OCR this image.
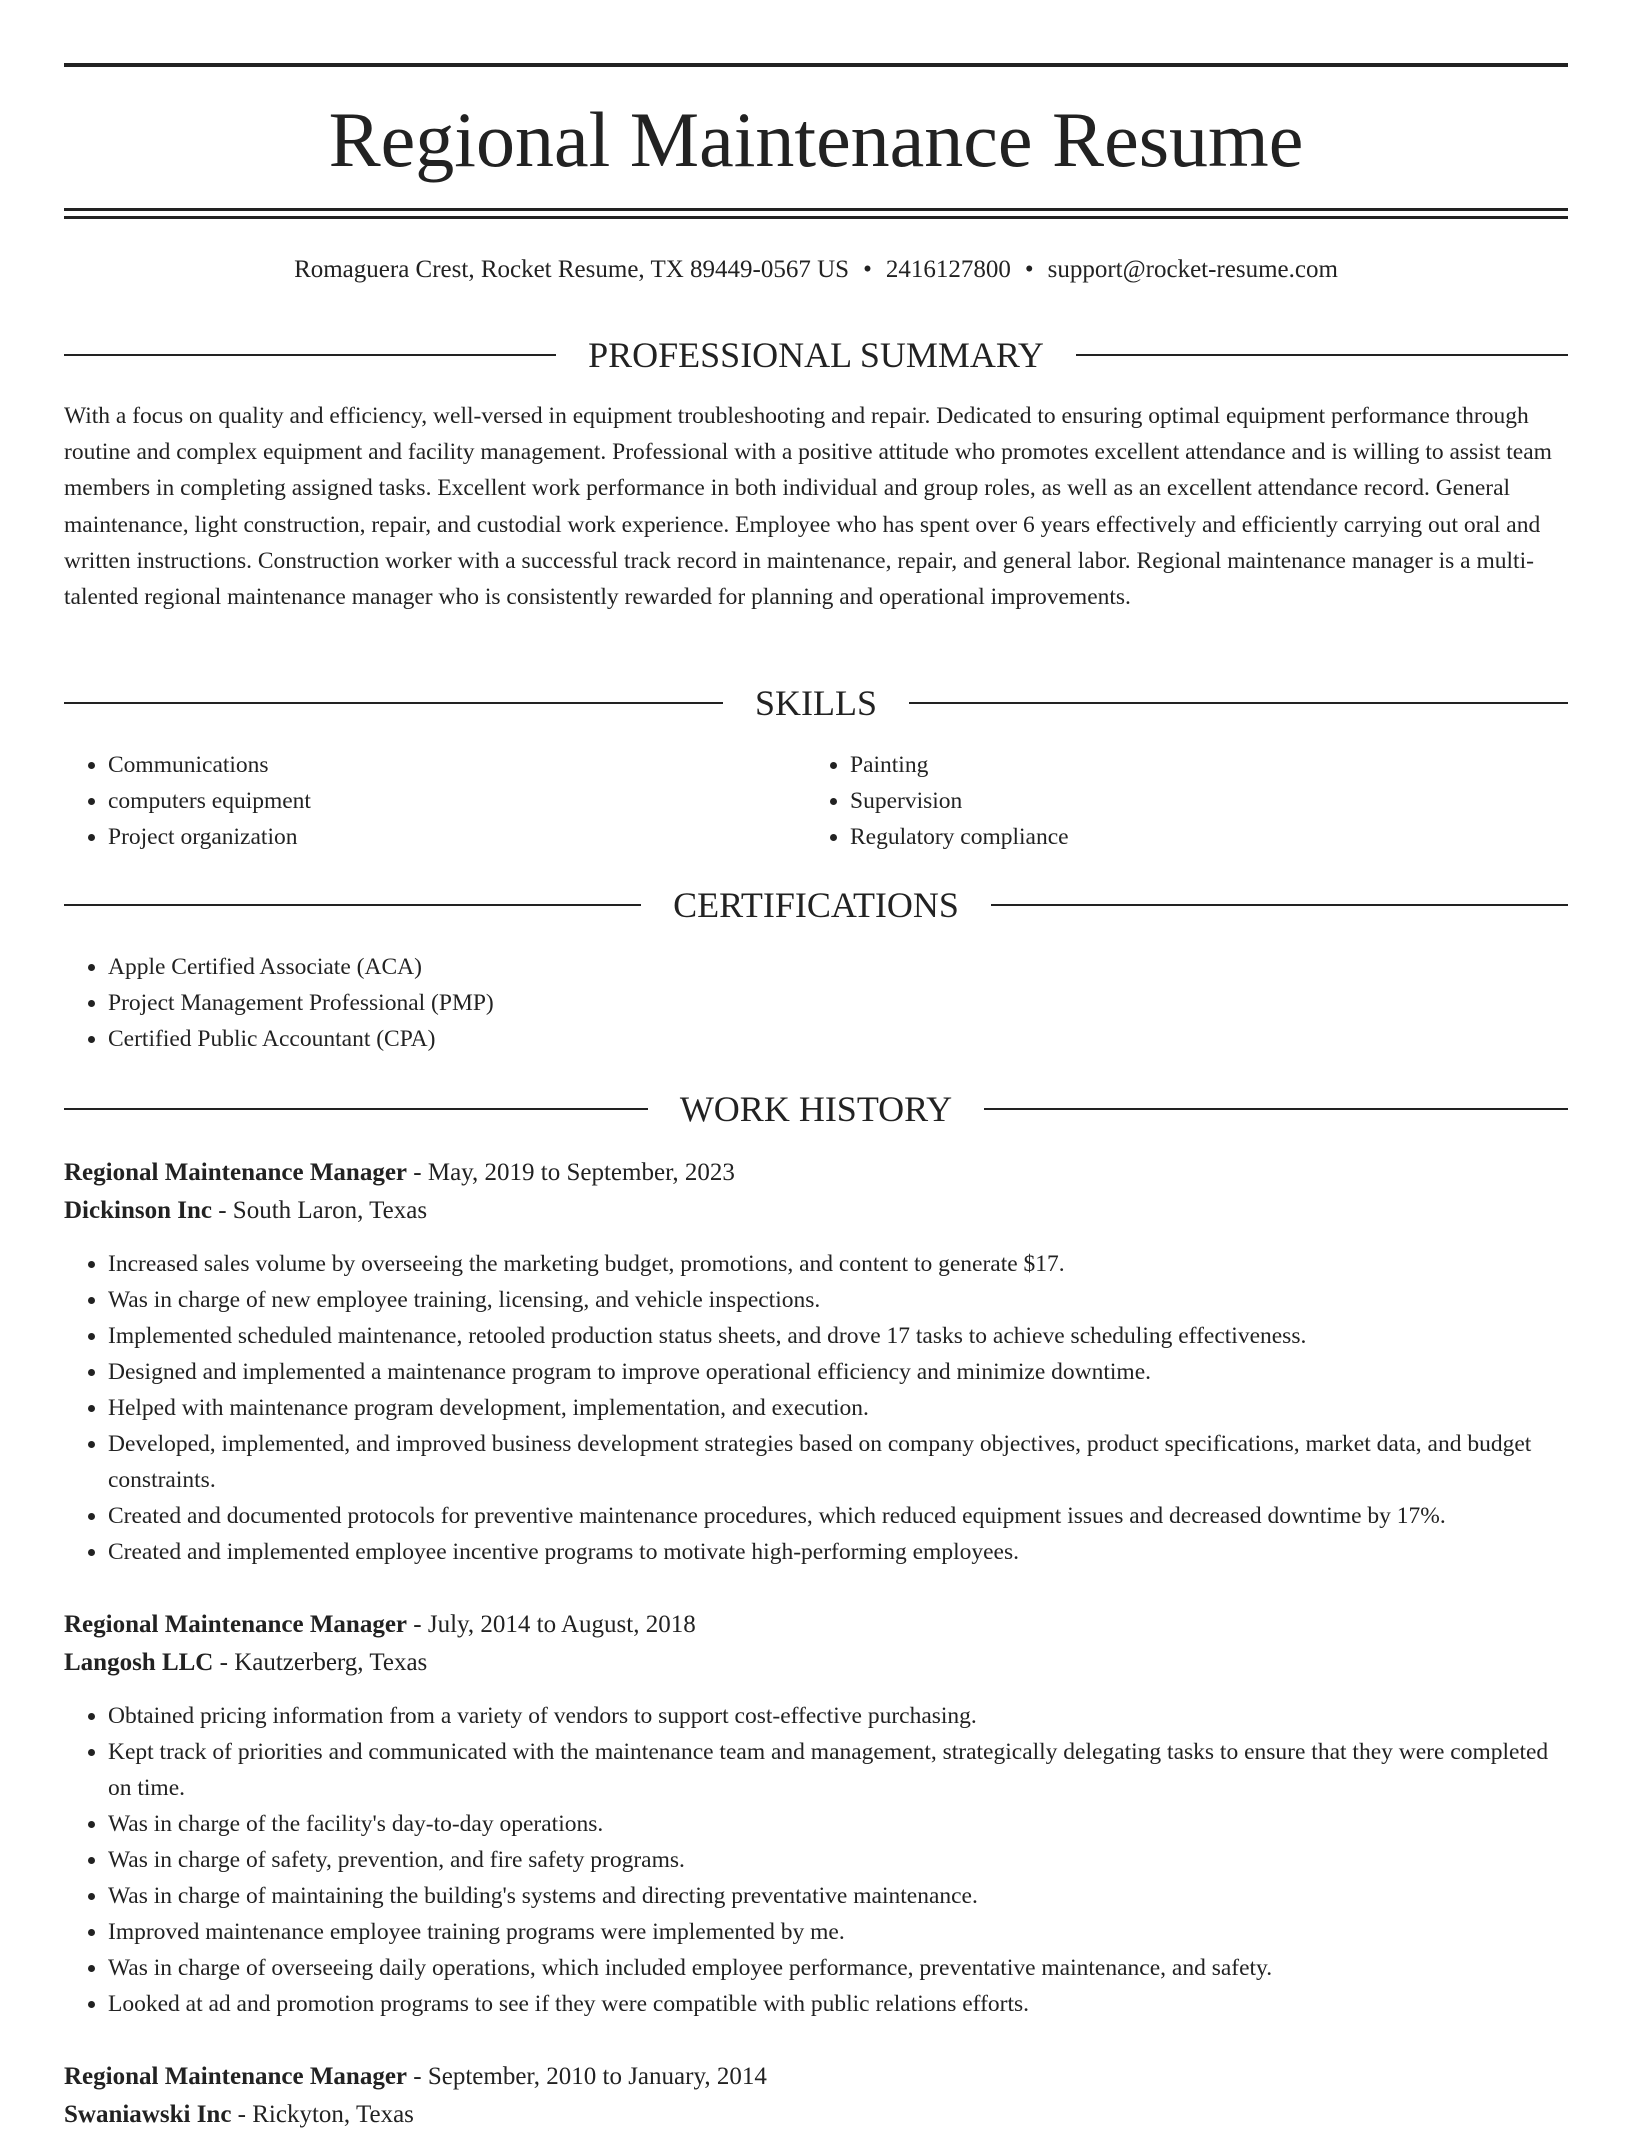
Regional Maintenance Resume
Romaguera Crest, Rocket Resume, TX 89449-0567 US • 2416127800 • support@rocket-resume.com
PROFESSIONAL SUMMARY

With a focus on quality and efficiency, well-versed in equipment troubleshooting and repair. Dedicated to ensuring optimal equipment performance through routine and complex equipment and facility management. Professional with a positive attitude who promotes excellent attendance and is willing to assist team members in completing assigned tasks. Excellent work performance in both individual and group roles, as well as an excellent attendance record. General maintenance, light construction, repair, and custodial work experience. Employee who has spent over 6 years effectively and efficiently carrying out oral and written instructions. Construction worker with a successful track record in maintenance, repair, and general labor. Regional maintenance manager is a multi-talented regional maintenance manager who is consistently rewarded for planning and operational improvements.

SKILLS
• Communications
• computers equipment
• Project organization
• Painting
• Supervision
• Regulatory compliance
CERTIFICATIONS
• Apple Certified Associate (ACA)
• Project Management Professional (PMP)
• Certified Public Accountant (CPA)
WORK HISTORY
Regional Maintenance Manager - May, 2019 to September, 2023
Dickinson Inc - South Laron, Texas
• Increased sales volume by overseeing the marketing budget, promotions, and content to generate $17.
• Was in charge of new employee training, licensing, and vehicle inspections.
• Implemented scheduled maintenance, retooled production status sheets, and drove 17 tasks to achieve scheduling effectiveness.
• Designed and implemented a maintenance program to improve operational efficiency and minimize downtime.
• Helped with maintenance program development, implementation, and execution.
• Developed, implemented, and improved business development strategies based on company objectives, product specifications, market data, and budget constraints.
• Created and documented protocols for preventive maintenance procedures, which reduced equipment issues and decreased downtime by 17%.
• Created and implemented employee incentive programs to motivate high-performing employees.
Regional Maintenance Manager - July, 2014 to August, 2018
Langosh LLC - Kautzerberg, Texas
• Obtained pricing information from a variety of vendors to support cost-effective purchasing.
• Kept track of priorities and communicated with the maintenance team and management, strategically delegating tasks to ensure that they were completed on time.
• Was in charge of the facility's day-to-day operations.
• Was in charge of safety, prevention, and fire safety programs.
• Was in charge of maintaining the building's systems and directing preventative maintenance.
• Improved maintenance employee training programs were implemented by me.
• Was in charge of overseeing daily operations, which included employee performance, preventative maintenance, and safety.
• Looked at ad and promotion programs to see if they were compatible with public relations efforts.
Regional Maintenance Manager - September, 2010 to January, 2014
Swaniawski Inc - Rickyton, Texas
